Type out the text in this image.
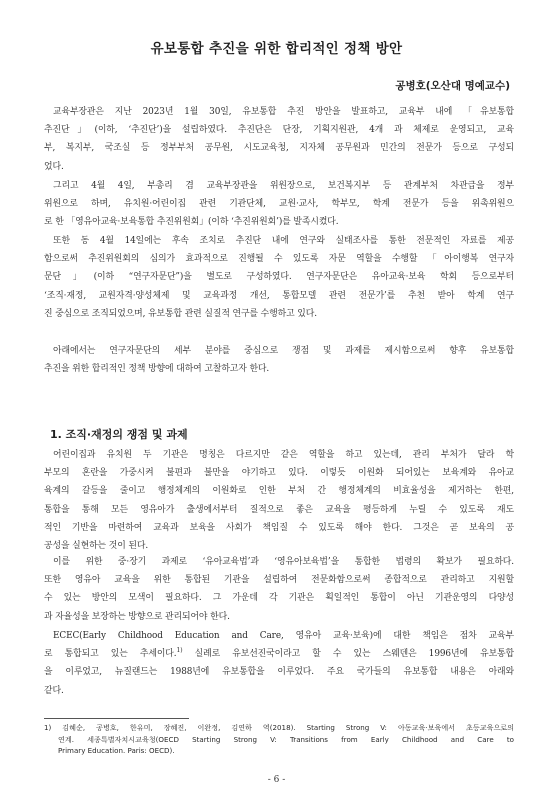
유보통합 추진을 위한 합리적인 정책 방안
공병호(오산대 명예교수)
교육부장관은 지난 2023년 1월 30일, 유보통합 추진 방안을 발표하고, 교육부 내에 「유보통합
추진단」(이하, ‘추진단’)을 설립하였다. 추진단은 단장, 기획지원관, 4개 과 체제로 운영되고, 교육
부, 복지부, 국조실 등 정부부처 공무원, 시도교육청, 지자체 공무원과 민간의 전문가 등으로 구성되
었다.
그리고 4월 4일, 부총리 겸 교육부장관을 위원장으로, 보건복지부 등 관계부처 차관급을 정부
위원으로 하며, 유치원·어린이집 관련 기관단체, 교원·교사, 학부모, 학계 전문가 등을 위촉위원으
로 한 「영유아교육·보육통합 추진위원회」(이하 ‘추진위원회’)를 발족시켰다.
또한 동 4월 14일에는 후속 조치로 추진단 내에 연구와 실태조사를 통한 전문적인 자료를 제공
함으로써 추진위원회의 심의가 효과적으로 진행될 수 있도록 자문 역할을 수행할 「아이행복 연구자
문단」(이하 “연구자문단”)을 별도로 구성하였다. 연구자문단은 유아교육·보육 학회 등으로부터
‘조직·재정, 교원자격·양성체제 및 교육과정 개선, 통합모델 관련 전문가’를 추천 받아 학계 연구
진 중심으로 조직되었으며, 유보통합 관련 실질적 연구를 수행하고 있다.
아래에서는 연구자문단의 세부 분야를 중심으로 쟁점 및 과제를 제시함으로써 향후 유보통합
추진을 위한 합리적인 정책 방향에 대하여 고찰하고자 한다.
1. 조직·재정의 쟁점 및 과제
어린이집과 유치원 두 기관은 명칭은 다르지만 같은 역할을 하고 있는데, 관리 부처가 달라 학
부모의 혼란을 가중시켜 불편과 불만을 야기하고 있다. 이렇듯 이원화 되어있는 보육계와 유아교
육계의 갈등을 줄이고 행정체계의 이원화로 인한 부처 간 행정체계의 비효율성을 제거하는 한편,
통합을 통해 모든 영유아가 출생에서부터 질적으로 좋은 교육을 평등하게 누릴 수 있도록 재도
적인 기반을 마련하여 교육과 보육을 사회가 책임질 수 있도록 해야 한다. 그것은 곧 보육의 공
공성을 실현하는 것이 된다.
이를 위한 중·장기 과제로 ‘유아교육법’과 ‘영유아보육법’을 통합한 법령의 확보가 필요하다.
또한 영유아 교육을 위한 통합된 기관을 설립하여 전문화함으로써 종합적으로 관리하고 지원할
수 있는 방안의 모색이 필요하다. 그 가운데 각 기관은 획일적인 통합이 아닌 기관운영의 다양성
과 자율성을 보장하는 방향으로 관리되어야 한다.
ECEC(Early Childhood Education and Care, 영유아 교육·보육)에 대한 책임은 점차 교육부
로 통합되고 있는 추세이다.$^{1)}$ 실례로 유보선진국이라고 할 수 있는 스웨덴은 1996년에 유보통합
을 이루었고, 뉴질랜드는 1988년에 유보통합을 이루었다. 주요 국가들의 유보통합 내용은 아래와
같다.
1) 김혜순, 공병호, 한유미, 장혜진, 이완정, 김연하 역(2018). Starting Strong V: 아동교육·보육에서 초등교육으로의
연계. 세종특별자치시교육청(OECD Starting Strong V: Transitions from Early Childhood and Care to
Primary Education. Paris: OECD).
- 6 -
